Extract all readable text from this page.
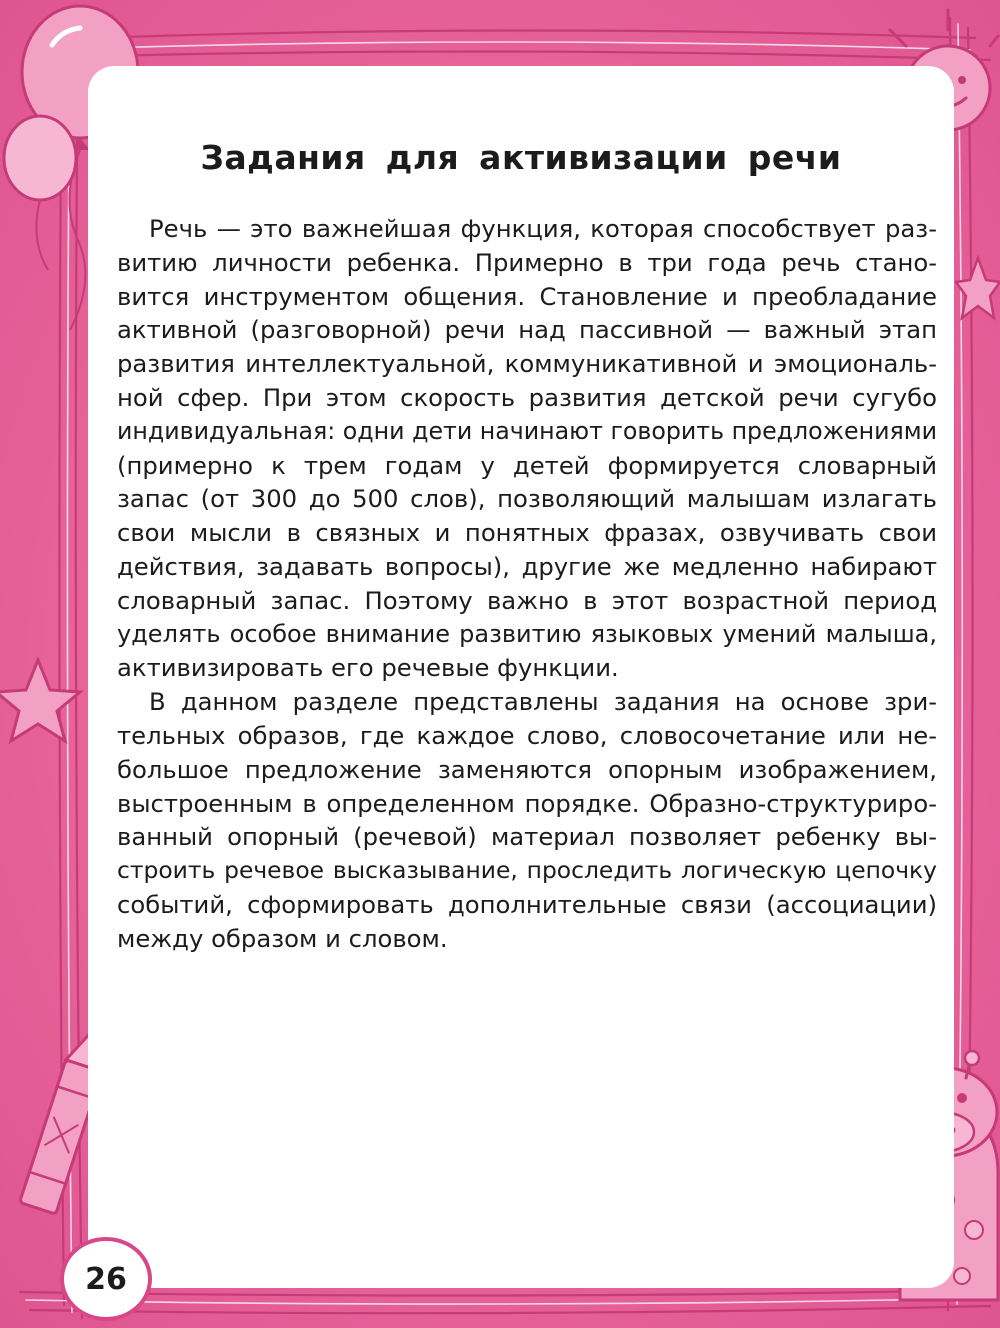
Задания для активизации речи
Речь — это важнейшая функция, которая способствует раз-
витию личности ребенка. Примерно в три года речь стано-
вится инструментом общения. Становление и преобладание
активной (разговорной) речи над пассивной — важный этап
развития интеллектуальной, коммуникативной и эмоциональ-
ной сфер. При этом скорость развития детской речи сугубо
индивидуальная: одни дети начинают говорить предложениями
(примерно к трем годам у детей формируется словарный
запас (от 300 до 500 слов), позволяющий малышам излагать
свои мысли в связных и понятных фразах, озвучивать свои
действия, задавать вопросы), другие же медленно набирают
словарный запас. Поэтому важно в этот возрастной период
уделять особое внимание развитию языковых умений малыша,
активизировать его речевые функции.
В данном разделе представлены задания на основе зри-
тельных образов, где каждое слово, словосочетание или не-
большое предложение заменяются опорным изображением,
выстроенным в определенном порядке. Образно-структуриро-
ванный опорный (речевой) материал позволяет ребенку вы-
строить речевое высказывание, проследить логическую цепочку
событий, сформировать дополнительные связи (ассоциации)
между образом и словом.
26
